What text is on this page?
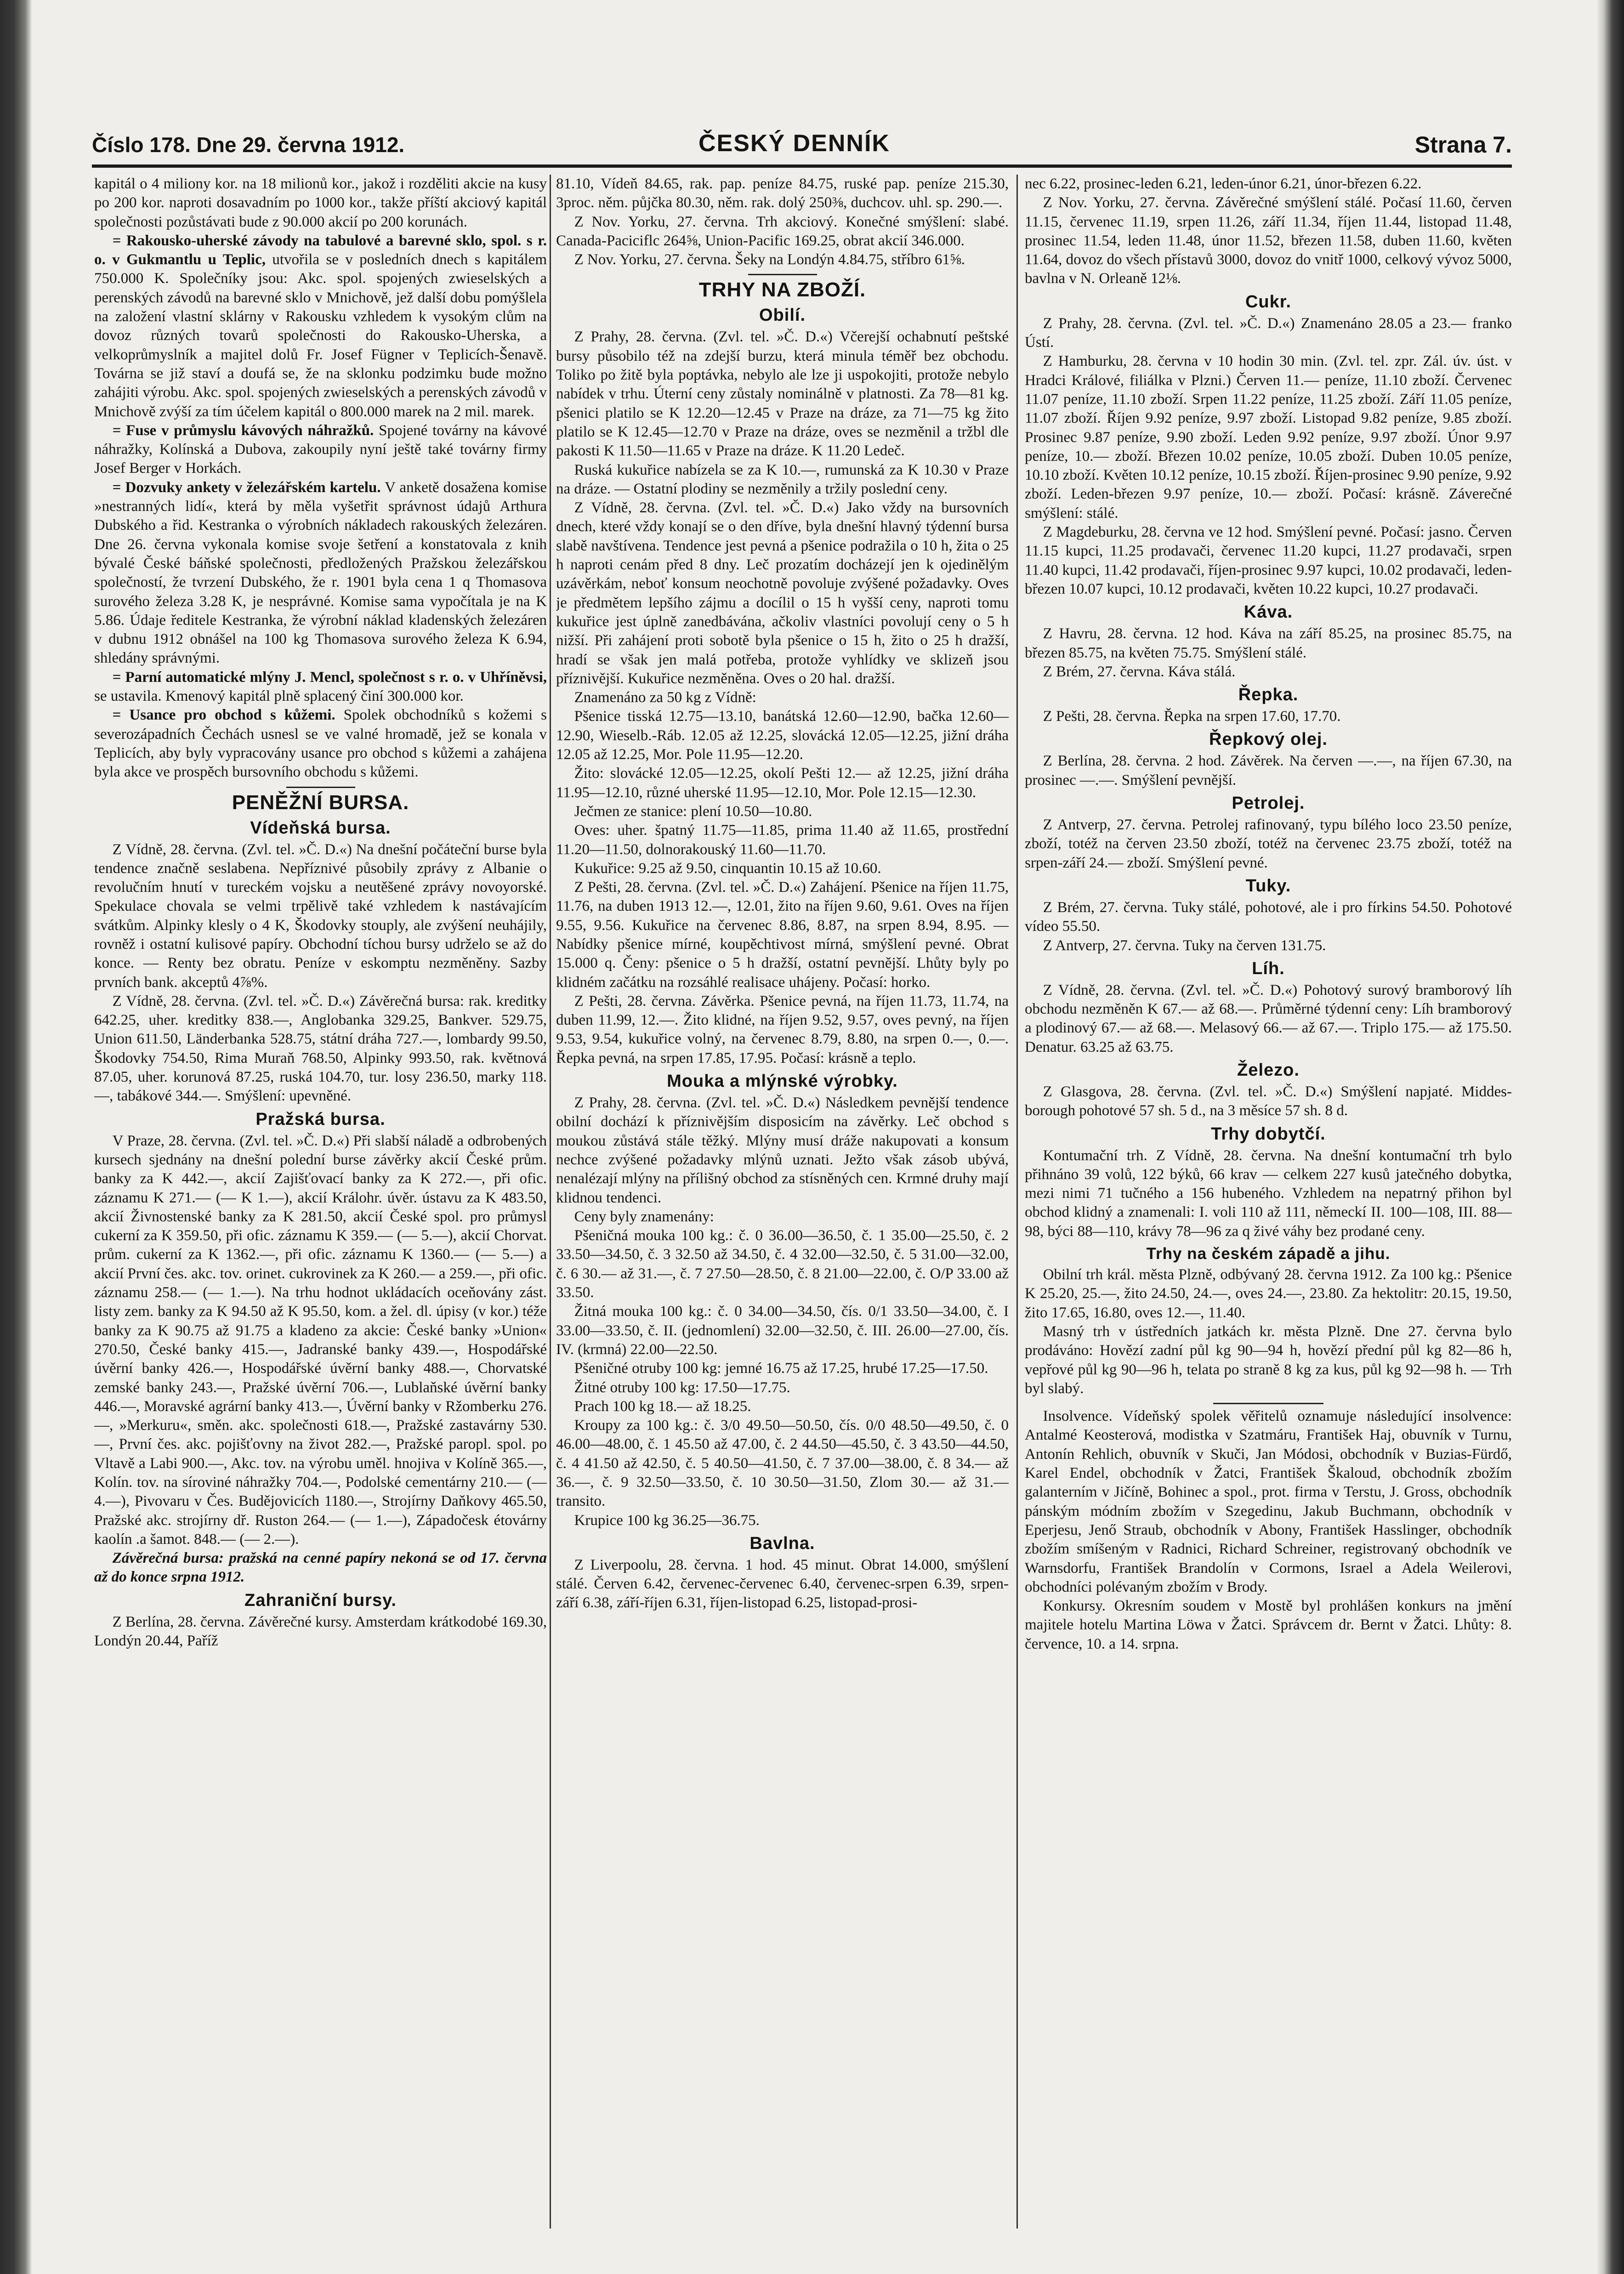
Číslo 178. Dne 29. června 1912.	ČESKÝ DENNÍK	Strana 7.

kapitál o 4 miliony kor. na 18 milionů kor., jakož i rozděliti akcie na kusy po 200 kor. naproti dosavadním po 1000 kor., takže příští akciový kapitál společnosti pozůstávati bude z 90.000 akcií po 200 korunách.

= Rakousko-uherské závody na tabulové a barevné sklo, spol. s r. o. v Gukmantlu u Teplic, utvořila se v posledních dnech s kapitálem 750.000 K. Společníky jsou: Akc. spol. spojených zwieselských a perenských závodů na barevné sklo v Mnichově, jež další dobu pomýšlela na založení vlastní sklárny v Rakousku vzhledem k vysokým clům na dovoz různých tovarů společnosti do Rakousko-Uherska, a velkoprůmyslník a majitel dolů Fr. Josef Fügner v Teplicích-Šenavě. Továrna se již staví a doufá se, že na sklonku podzimku bude možno zahájiti výrobu. Akc. spol. spojených zwieselských a perenských závodů v Mnichově zvýší za tím účelem kapitál o 800.000 marek na 2 mil. marek.

= Fuse v průmyslu kávových náhražků. Spojené továrny na kávové náhražky, Kolínská a Dubova, zakoupily nyní ještě také továrny firmy Josef Berger v Horkách.

= Dozvuky ankety v železářském kartelu. V anketě dosažena komise »nestranných lidí«, která by měla vyšetřit správnost údajů Arthura Dubského a řid. Kestranka o výrobních nákladech rakouských železáren. Dne 26. června vykonala komise svoje šetření a konstatovala z knih bývalé České báňské společnosti, předložených Pražskou železářskou společností, že tvrzení Dubského, že r. 1901 byla cena 1 q Thomasova surového železa 3.28 K, je nesprávné. Komise sama vypočítala je na K 5.86. Údaje ředitele Kestranka, že výrobní náklad kladenských železáren v dubnu 1912 obnášel na 100 kg Thomasova surového železa K 6.94, shledány správnými.

= Parní automatické mlýny J. Mencl, společnost s r. o. v Uhříněvsi, se ustavila. Kmenový kapitál plně splacený činí 300.000 kor.

= Usance pro obchod s kůžemi. Spolek obchodníků s kožemi s severozápadních Čechách usnesl se ve valné hromadě, jež se konala v Teplicích, aby byly vypracovány usance pro obchod s kůžemi a zahájena byla akce ve prospěch bursovního obchodu s kůžemi.

PENĚŽNÍ BURSA.
Vídeňská bursa.

Z Vídně, 28. června. (Zvl. tel. »Č. D.«) Na dnešní počáteční burse byla tendence značně seslabena. Nepříznivé působily zprávy z Albanie o revolučním hnutí v tureckém vojsku a neutěšené zprávy novoyorské. Spekulace chovala se velmi trpělivě také vzhledem k nastávajícím svátkům. Alpinky klesly o 4 K, Škodovky stouply, ale zvýšení neuhájily, rovněž i ostatní kulisové papíry. Obchodní tíchou bursy udrželo se až do konce. — Renty bez obratu. Peníze v eskomptu nezměněny. Sazby prvních bank. akceptů 4⅞%.

Z Vídně, 28. června. (Zvl. tel. »Č. D.«) Závěrečná bursa: rak. kreditky 642.25, uher. kreditky 838.—, Anglobanka 329.25, Bankver. 529.75, Union 611.50, Länderbanka 528.75, státní dráha 727.—, lombardy 99.50, Škodovky 754.50, Rima Muraň 768.50, Alpinky 993.50, rak. květnová 87.05, uher. korunová 87.25, ruská 104.70, tur. losy 236.50, marky 118.—, tabákové 344.—. Smýšlení: upevněné.

Pražská bursa.

V Praze, 28. června. (Zvl. tel. »Č. D.«) Při slabší náladě a odbrobených kursech sjednány na dnešní polední burse závěrky akcií České prům. banky za K 442.—, akcií Zajišťovací banky za K 272.—, při ofic. záznamu K 271.— (— K 1.—), akcií Králohr. úvěr. ústavu za K 483.50, akcií Živnostenské banky za K 281.50, akcií České spol. pro průmysl cukerní za K 359.50, při ofic. záznamu K 359.— (— 5.—), akcií Chorvat. prům. cukerní za K 1362.—, při ofic. záznamu K 1360.— (— 5.—) a akcií První čes. akc. tov. orinet. cukrovinek za K 260.— a 259.—, při ofic. záznamu 258.— (— 1.—). Na trhu hodnot ukládacích oceňovány zást. listy zem. banky za K 94.50 až K 95.50, kom. a žel. dl. úpisy (v kor.) téže banky za K 90.75 až 91.75 a kladeno za akcie: České banky »Union« 270.50, České banky 415.—, Jadranské banky 439.—, Hospodářské úvěrní banky 426.—, Hospodářské úvěrní banky 488.—, Chorvatské zemské banky 243.—, Pražské úvěrní 706.—, Lublaňské úvěrní banky 446.—, Moravské agrární banky 413.—, Úvěrní banky v Ržomberku 276.—, »Merkuru«, směn. akc. společnosti 618.—, Pražské zastavárny 530.—, První čes. akc. pojišťovny na život 282.—, Pražské paropl. spol. po Vltavě a Labi 900.—, Akc. tov. na výrobu uměl. hnojiva v Kolíně 365.—, Kolín. tov. na síroviné náhražky 704.—, Podolské cementárny 210.— (— 4.—), Pivovaru v Čes. Budějovicích 1180.—, Strojírny Daňkovy 465.50, Pražské akc. strojírny dř. Ruston 264.— (— 1.—), Západočesk étovárny kaolín .a šamot. 848.— (— 2.—).

Závěrečná bursa: pražská na cenné papíry nekoná se od 17. června až do konce srpna 1912.

Zahraniční bursy.

Z Berlína, 28. června. Závěrečné kursy. Amsterdam krátkodobé 169.30, Londýn 20.44, Paříž

81.10, Vídeň 84.65, rak. pap. peníze 84.75, ruské pap. peníze 215.30, 3proc. něm. půjčka 80.30, něm. rak. dolý 250⅜, duchcov. uhl. sp. 290.—.

Z Nov. Yorku, 27. června. Trh akciový. Konečné smýšlení: slabé. Canada-Paciciflc 264⅝, Union-Pacific 169.25, obrat akcií 346.000.

Z Nov. Yorku, 27. června. Šeky na Londýn 4.84.75, stříbro 61⅝.

TRHY NA ZBOŽÍ.
Obilí.

Z Prahy, 28. června. (Zvl. tel. »Č. D.«) Včerejší ochabnutí peštské bursy působilo též na zdejší burzu, která minula téměř bez obchodu. Toliko po žitě byla poptávka, nebylo ale lze ji uspokojiti, protože nebylo nabídek v trhu. Úterní ceny zůstaly nominálně v platnosti. Za 78—81 kg. pšenici platilo se K 12.20—12.45 v Praze na dráze, za 71—75 kg žito platilo se K 12.45—12.70 v Praze na dráze, oves se nezměnil a tržbl dle pakosti K 11.50—11.65 v Praze na dráze. K 11.20 Ledeč.

Ruská kukuřice nabízela se za K 10.—, rumunská za K 10.30 v Praze na dráze. — Ostatní plodiny se nezměnily a tržily poslední ceny.

Z Vídně, 28. června. (Zvl. tel. »Č. D.«) Jako vždy na bursovních dnech, které vždy konají se o den dříve, byla dnešní hlavný týdenní bursa slabě navštívena. Tendence jest pevná a pšenice podražila o 10 h, žita o 25 h naproti cenám před 8 dny. Leč prozatím docházejí jen k ojedinělým uzávěrkám, neboť konsum neochotně povoluje zvýšené požadavky. Oves je předmětem lepšího zájmu a docílil o 15 h vyšší ceny, naproti tomu kukuřice jest úplně zanedbávána, ačkoliv vlastníci povolují ceny o 5 h nižší. Při zahájení proti sobotě byla pšenice o 15 h, žito o 25 h dražší, hradí se však jen malá potřeba, protože vyhlídky ve sklizeň jsou příznivější. Kukuřice nezměněna. Oves o 20 hal. dražší.

Znamenáno za 50 kg z Vídně:

Pšenice tisská 12.75—13.10, banátská 12.60—12.90, bačka 12.60—12.90, Wieselb.-Ráb. 12.05 až 12.25, slovácká 12.05—12.25, jižní dráha 12.05 až 12.25, Mor. Pole 11.95—12.20.

Žito: slovácké 12.05—12.25, okolí Pešti 12.— až 12.25, jižní dráha 11.95—12.10, různé uherské 11.95—12.10, Mor. Pole 12.15—12.30.

Ječmen ze stanice: plení 10.50—10.80.

Oves: uher. špatný 11.75—11.85, prima 11.40 až 11.65, prostřední 11.20—11.50, dolnorakouský 11.60—11.70.

Kukuřice: 9.25 až 9.50, cinquantin 10.15 až 10.60.

Z Pešti, 28. června. (Zvl. tel. »Č. D.«) Zahájení. Pšenice na říjen 11.75, 11.76, na duben 1913 12.—, 12.01, žito na říjen 9.60, 9.61. Oves na říjen 9.55, 9.56. Kukuřice na červenec 8.86, 8.87, na srpen 8.94, 8.95. — Nabídky pšenice mírné, koupěchtivost mírná, smýšlení pevné. Obrat 15.000 q. Čeny: pšenice o 5 h dražší, ostatní pevnější. Lhůty byly po klidném začátku na rozsáhlé realisace uhájeny. Počasí: horko.

Z Pešti, 28. června. Závěrka. Pšenice pevná, na říjen 11.73, 11.74, na duben 11.99, 12.—. Žito klidné, na říjen 9.52, 9.57, oves pevný, na říjen 9.53, 9.54, kukuřice volný, na červenec 8.79, 8.80, na srpen 0.—, 0.—. Řepka pevná, na srpen 17.85, 17.95. Počasí: krásně a teplo.

Mouka a mlýnské výrobky.

Z Prahy, 28. června. (Zvl. tel. »Č. D.«) Následkem pevnější tendence obilní dochází k příznivějším disposicím na závěrky. Leč obchod s moukou zůstává stále těžký. Mlýny musí dráže nakupovati a konsum nechce zvýšené požadavky mlýnů uznati. Ježto však zásob ubývá, nenalézají mlýny na přílišný obchod za stísněných cen. Krmné druhy mají klidnou tendenci.

Ceny byly znamenány:

Pšeničná mouka 100 kg.: č. 0 36.00—36.50, č. 1 35.00—25.50, č. 2 33.50—34.50, č. 3 32.50 až 34.50, č. 4 32.00—32.50, č. 5 31.00—32.00, č. 6 30.— až 31.—, č. 7 27.50—28.50, č. 8 21.00—22.00, č. O/P 33.00 až 33.50.

Žitná mouka 100 kg.: č. 0 34.00—34.50, čís. 0/1 33.50—34.00, č. I 33.00—33.50, č. II. (jednomlení) 32.00—32.50, č. III. 26.00—27.00, čís. IV. (krmná) 22.00—22.50.

Pšeničné otruby 100 kg: jemné 16.75 až 17.25, hrubé 17.25—17.50.

Žitné otruby 100 kg: 17.50—17.75.

Prach 100 kg 18.— až 18.25.

Kroupy za 100 kg.: č. 3/0 49.50—50.50, čís. 0/0 48.50—49.50, č. 0 46.00—48.00, č. 1 45.50 až 47.00, č. 2 44.50—45.50, č. 3 43.50—44.50, č. 4 41.50 až 42.50, č. 5 40.50—41.50, č. 7 37.00—38.00, č. 8 34.— až 36.—, č. 9 32.50—33.50, č. 10 30.50—31.50, Zlom 30.— až 31.— transito.

Krupice 100 kg 36.25—36.75.

Bavlna.

Z Liverpoolu, 28. června. 1 hod. 45 minut. Obrat 14.000, smýšlení stálé. Červen 6.42, červenec-červenec 6.40, červenec-srpen 6.39, srpen-září 6.38, září-říjen 6.31, říjen-listopad 6.25, listopad-prosi-

nec 6.22, prosinec-leden 6.21, leden-únor 6.21, únor-březen 6.22.

Z Nov. Yorku, 27. června. Závěrečné smýšlení stálé. Počasí 11.60, červen 11.15, červenec 11.19, srpen 11.26, září 11.34, říjen 11.44, listopad 11.48, prosinec 11.54, leden 11.48, únor 11.52, březen 11.58, duben 11.60, květen 11.64, dovoz do všech přístavů 3000, dovoz do vnitř 1000, celkový vývoz 5000, bavlna v N. Orleaně 12⅛.

Cukr.

Z Prahy, 28. června. (Zvl. tel. »Č. D.«) Znamenáno 28.05 a 23.— franko Ústí.

Z Hamburku, 28. června v 10 hodin 30 min. (Zvl. tel. zpr. Zál. úv. úst. v Hradci Králové, filiálka v Plzni.) Červen 11.— peníze, 11.10 zboží. Červenec 11.07 peníze, 11.10 zboží. Srpen 11.22 peníze, 11.25 zboží. Září 11.05 peníze, 11.07 zboží. Říjen 9.92 peníze, 9.97 zboží. Listopad 9.82 peníze, 9.85 zboží. Prosinec 9.87 peníze, 9.90 zboží. Leden 9.92 peníze, 9.97 zboží. Únor 9.97 peníze, 10.— zboží. Březen 10.02 peníze, 10.05 zboží. Duben 10.05 peníze, 10.10 zboží. Květen 10.12 peníze, 10.15 zboží. Říjen-prosinec 9.90 peníze, 9.92 zboží. Leden-březen 9.97 peníze, 10.— zboží. Počasí: krásně. Záverečné smýšlení: stálé.

Z Magdeburku, 28. června ve 12 hod. Smýšlení pevné. Počasí: jasno. Červen 11.15 kupci, 11.25 prodavači, červenec 11.20 kupci, 11.27 prodavači, srpen 11.40 kupci, 11.42 prodavači, říjen-prosinec 9.97 kupci, 10.02 prodavači, leden-březen 10.07 kupci, 10.12 prodavači, květen 10.22 kupci, 10.27 prodavači.

Káva.

Z Havru, 28. června. 12 hod. Káva na září 85.25, na prosinec 85.75, na březen 85.75, na květen 75.75. Smýšlení stálé.

Z Brém, 27. června. Káva stálá.

Řepka.

Z Pešti, 28. června. Řepka na srpen 17.60, 17.70.

Řepkový olej.

Z Berlína, 28. června. 2 hod. Závěrek. Na červen —.—, na říjen 67.30, na prosinec —.—. Smýšlení pevnější.

Petrolej.

Z Antverp, 27. června. Petrolej rafinovaný, typu bílého loco 23.50 peníze, zboží, totéž na červen 23.50 zboží, totéž na červenec 23.75 zboží, totéž na srpen-září 24.— zboží. Smýšlení pevné.

Tuky.

Z Brém, 27. června. Tuky stálé, pohotové, ale i pro fírkins 54.50. Pohotové vídeo 55.50.

Z Antverp, 27. června. Tuky na červen 131.75.

Líh.

Z Vídně, 28. června. (Zvl. tel. »Č. D.«) Pohotový surový bramborový líh obchodu nezměněn K 67.— až 68.—. Průměrné týdenní ceny: Líh bramborový a plodinový 67.— až 68.—. Melasový 66.— až 67.—. Triplo 175.— až 175.50. Denatur. 63.25 až 63.75.

Železo.

Z Glasgova, 28. června. (Zvl. tel. »Č. D.«) Smýšlení napjaté. Middes-borough pohotové 57 sh. 5 d., na 3 měsíce 57 sh. 8 d.

Trhy dobytčí.

Kontumační trh. Z Vídně, 28. června. Na dnešní kontumační trh bylo přihnáno 39 volů, 122 býků, 66 krav — celkem 227 kusů jatečného dobytka, mezi nimi 71 tučného a 156 hubeného. Vzhledem na nepatrný přihon byl obchod klidný a znamenali: I. voli 110 až 111, německí II. 100—108, III. 88—98, býci 88—110, krávy 78—96 za q živé váhy bez prodané ceny.

Trhy na českém západě a jihu.

Obilní trh král. města Plzně, odbývaný 28. června 1912. Za 100 kg.: Pšenice K 25.20, 25.—, žito 24.50, 24.—, oves 24.—, 23.80. Za hektolitr: 20.15, 19.50, žito 17.65, 16.80, oves 12.—, 11.40.

Masný trh v ústředních jatkách kr. města Plzně. Dne 27. června bylo prodáváno: Hovězí zadní půl kg 90—94 h, hovězí přední půl kg 82—86 h, vepřové půl kg 90—96 h, telata po straně 8 kg za kus, půl kg 92—98 h. — Trh byl slabý.

Insolvence. Vídeňský spolek věřitelů oznamuje následující insolvence: Antalmé Keosterová, modistka v Szatmáru, František Haj, obuvník v Turnu, Antonín Rehlich, obuvník v Skuči, Jan Módosi, obchodník v Buzias-Fürdő, Karel Endel, obchodník v Žatci, František Škaloud, obchodník zbožím galanterním v Jičíně, Bohinec a spol., prot. firma v Terstu, J. Gross, obchodník pánským módním zbožím v Szegedinu, Jakub Buchmann, obchodník v Eperjesu, Jenő Straub, obchodník v Abony, František Hasslinger, obchodník zbožím smíšeným v Radnici, Richard Schreiner, registrovaný obchodník ve Warnsdorfu, František Brandolín v Cormons, Israel a Adela Weilerovi, obchodníci polévaným zbožím v Brody.

Konkursy. Okresním soudem v Mostě byl prohlášen konkurs na jmění majitele hotelu Martina Löwa v Žatci. Správcem dr. Bernt v Žatci. Lhůty: 8. července, 10. a 14. srpna.
